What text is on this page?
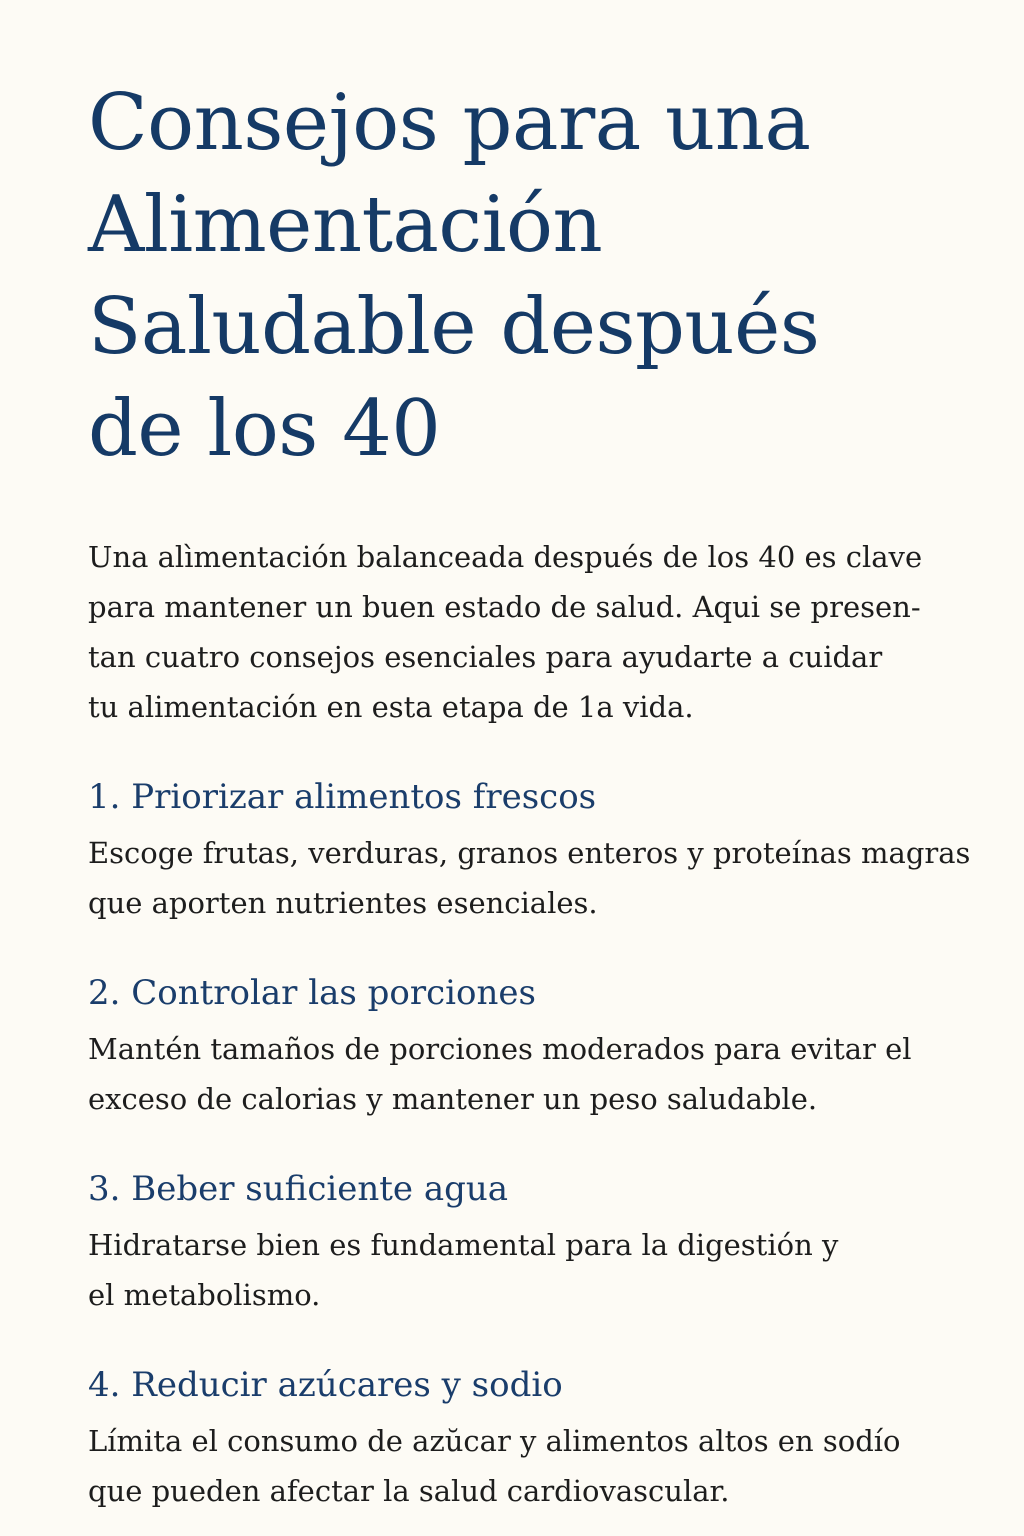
Consejos para una
Alimentación
Saludable después
de los 40

Una alìmentación balanceada después de los 40 es clave
para mantener un buen estado de salud. Aqui se presen-
tan cuatro consejos esenciales para ayudarte a cuidar
tu alimentación en esta etapa de 1a vida.

1. Priorizar alimentos frescos

Escoge frutas, verduras, granos enteros y proteínas magras
que aporten nutrientes esenciales.

2. Controlar las porciones

Mantén tamaños de porciones moderados para evitar el
exceso de calorias y mantener un peso saludable.

3. Beber suficiente agua

Hidratarse bien es fundamental para la digestión y
el metabolismo.

4. Reducir azúcares y sodio

Límita el consumo de azŭcar y alimentos altos en sodío
que pueden afectar la salud cardiovascular.
